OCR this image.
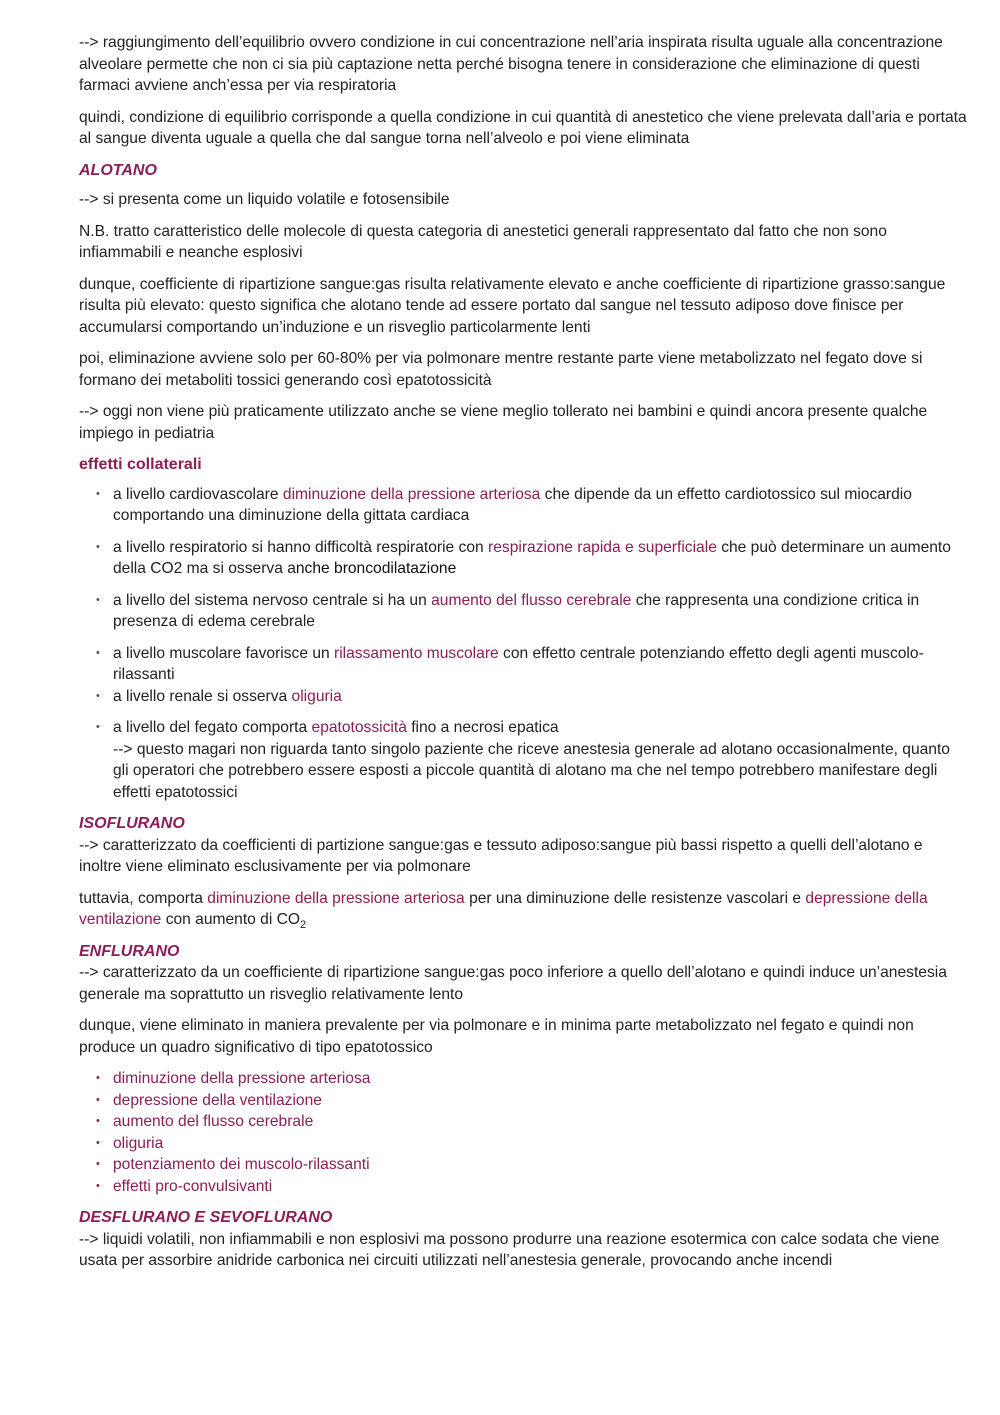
--> raggiungimento dell’equilibrio ovvero condizione in cui concentrazione nell’aria inspirata risulta uguale alla concentrazione alveolare permette che non ci sia più captazione netta perché bisogna tenere in considerazione che eliminazione di questi farmaci avviene anch’essa per via respiratoria

quindi, condizione di equilibrio corrisponde a quella condizione in cui quantità di anestetico che viene prelevata dall’aria e portata al sangue diventa uguale a quella che dal sangue torna nell’alveolo e poi viene eliminata

ALOTANO

--> si presenta come un liquido volatile e fotosensibile

N.B. tratto caratteristico delle molecole di questa categoria di anestetici generali rappresentato dal fatto che non sono infiammabili e neanche esplosivi

dunque, coefficiente di ripartizione sangue:gas risulta relativamente elevato e anche coefficiente di ripartizione grasso:sangue risulta più elevato: questo significa che alotano tende ad essere portato dal sangue nel tessuto adiposo dove finisce per accumularsi comportando un’induzione e un risveglio particolarmente lenti

poi, eliminazione avviene solo per 60-80% per via polmonare mentre restante parte viene metabolizzato nel fegato dove si formano dei metaboliti tossici generando così epatotossicità

--> oggi non viene più praticamente utilizzato anche se viene meglio tollerato nei bambini e quindi ancora presente qualche impiego in pediatria

effetti collaterali
• a livello cardiovascolare diminuzione della pressione arteriosa che dipende da un effetto cardiotossico sul miocardio comportando una diminuzione della gittata cardiaca
• a livello respiratorio si hanno difficoltà respiratorie con respirazione rapida e superficiale che può determinare un aumento della CO2 ma si osserva anche broncodilatazione
• a livello del sistema nervoso centrale si ha un aumento del flusso cerebrale che rappresenta una condizione critica in presenza di edema cerebrale
• a livello muscolare favorisce un rilassamento muscolare con effetto centrale potenziando effetto degli agenti muscolo-rilassanti
• a livello renale si osserva oliguria
• a livello del fegato comporta epatotossicità fino a necrosi epatica
--> questo magari non riguarda tanto singolo paziente che riceve anestesia generale ad alotano occasionalmente, quanto gli operatori che potrebbero essere esposti a piccole quantità di alotano ma che nel tempo potrebbero manifestare degli effetti epatotossici
ISOFLURANO

--> caratterizzato da coefficienti di partizione sangue:gas e tessuto adiposo:sangue più bassi rispetto a quelli dell’alotano e inoltre viene eliminato esclusivamente per via polmonare

tuttavia, comporta diminuzione della pressione arteriosa per una diminuzione delle resistenze vascolari e depressione della ventilazione con aumento di $CO_2$

ENFLURANO

--> caratterizzato da un coefficiente di ripartizione sangue:gas poco inferiore a quello dell’alotano e quindi induce un’anestesia generale ma soprattutto un risveglio relativamente lento

dunque, viene eliminato in maniera prevalente per via polmonare e in minima parte metabolizzato nel fegato e quindi non produce un quadro significativo di tipo epatotossico

• diminuzione della pressione arteriosa
• depressione della ventilazione
• aumento del flusso cerebrale
• oliguria
• potenziamento dei muscolo-rilassanti
• effetti pro-convulsivanti
DESFLURANO E SEVOFLURANO

--> liquidi volatili, non infiammabili e non esplosivi ma possono produrre una reazione esotermica con calce sodata che viene usata per assorbire anidride carbonica nei circuiti utilizzati nell’anestesia generale, provocando anche incendi
